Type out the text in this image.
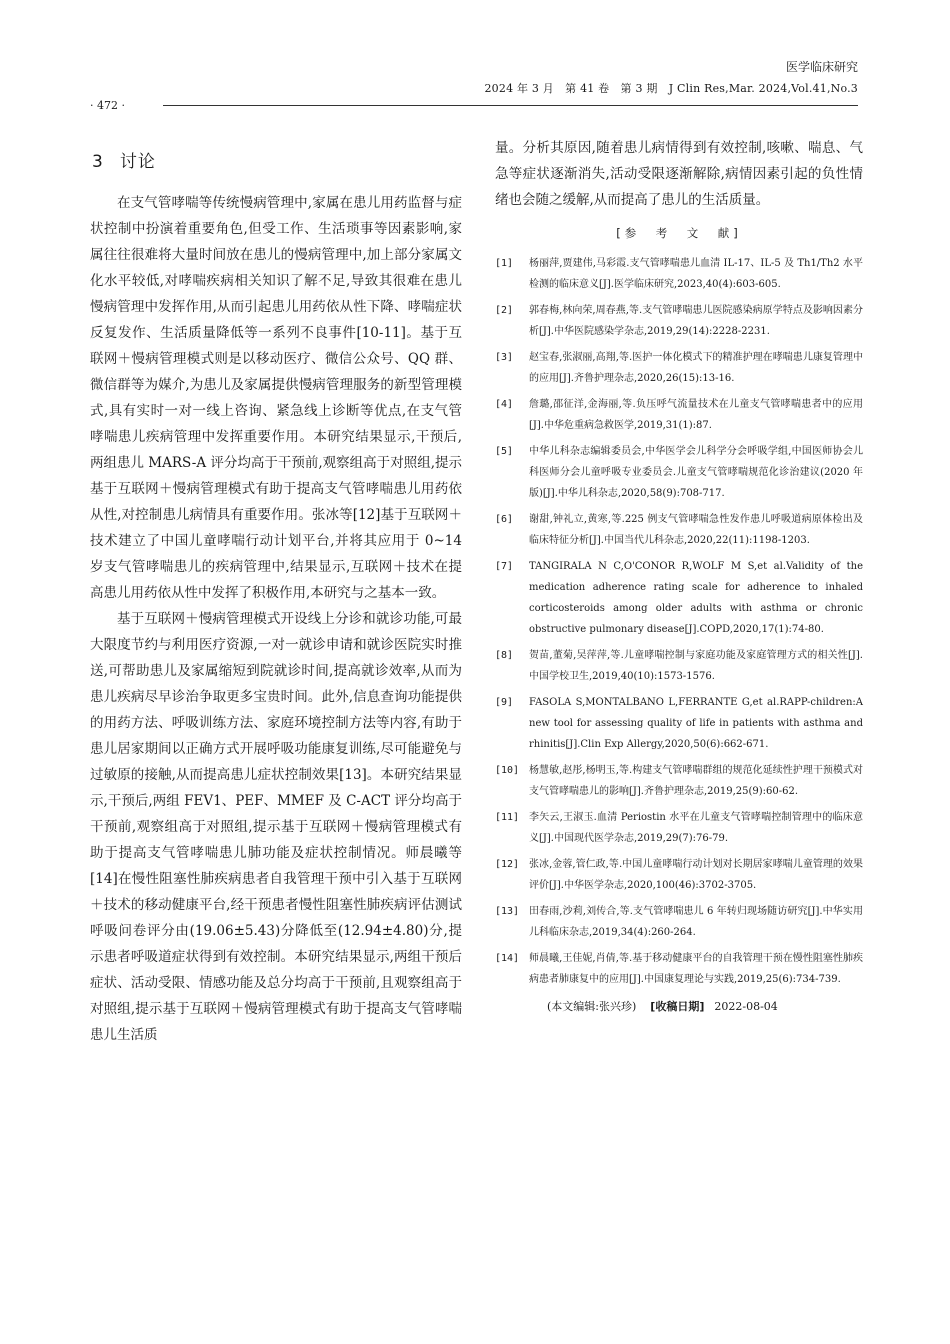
医学临床研究
2024 年 3 月　第 41 卷　第 3 期　J Clin Res,Mar. 2024,Vol.41,No.3
· 472 ·
3 讨论

在支气管哮喘等传统慢病管理中,家属在患儿用药监督与症状控制中扮演着重要角色,但受工作、生活琐事等因素影响,家属往往很难将大量时间放在患儿的慢病管理中,加上部分家属文化水平较低,对哮喘疾病相关知识了解不足,导致其很难在患儿慢病管理中发挥作用,从而引起患儿用药依从性下降、哮喘症状反复发作、生活质量降低等一系列不良事件[10-11]。基于互联网＋慢病管理模式则是以移动医疗、微信公众号、QQ 群、微信群等为媒介,为患儿及家属提供慢病管理服务的新型管理模式,具有实时一对一线上咨询、紧急线上诊断等优点,在支气管哮喘患儿疾病管理中发挥重要作用。本研究结果显示,干预后,两组患儿 MARS-A 评分均高于干预前,观察组高于对照组,提示基于互联网＋慢病管理模式有助于提高支气管哮喘患儿用药依从性,对控制患儿病情具有重要作用。张冰等[12]基于互联网＋技术建立了中国儿童哮喘行动计划平台,并将其应用于 0~14 岁支气管哮喘患儿的疾病管理中,结果显示,互联网＋技术在提高患儿用药依从性中发挥了积极作用,本研究与之基本一致。

基于互联网＋慢病管理模式开设线上分诊和就诊功能,可最大限度节约与利用医疗资源,一对一就诊申请和就诊医院实时推送,可帮助患儿及家属缩短到院就诊时间,提高就诊效率,从而为患儿疾病尽早诊治争取更多宝贵时间。此外,信息查询功能提供的用药方法、呼吸训练方法、家庭环境控制方法等内容,有助于患儿居家期间以正确方式开展呼吸功能康复训练,尽可能避免与过敏原的接触,从而提高患儿症状控制效果[13]。本研究结果显示,干预后,两组 FEV1、PEF、MMEF 及 C-ACT 评分均高于干预前,观察组高于对照组,提示基于互联网＋慢病管理模式有助于提高支气管哮喘患儿肺功能及症状控制情况。师晨曦等[14]在慢性阻塞性肺疾病患者自我管理干预中引入基于互联网＋技术的移动健康平台,经干预患者慢性阻塞性肺疾病评估测试呼吸问卷评分由(19.06±5.43)分降低至(12.94±4.80)分,提示患者呼吸道症状得到有效控制。本研究结果显示,两组干预后症状、活动受限、情感功能及总分均高于干预前,且观察组高于对照组,提示基于互联网＋慢病管理模式有助于提高支气管哮喘患儿生活质

量。分析其原因,随着患儿病情得到有效控制,咳嗽、喘息、气急等症状逐渐消失,活动受限逐渐解除,病情因素引起的负性情绪也会随之缓解,从而提高了患儿的生活质量。

[参　考　文　献]
[1]	杨丽萍,贾建伟,马彩霞.支气管哮喘患儿血清 IL-17、IL-5 及 Th1/Th2 水平检测的临床意义[J].医学临床研究,2023,40(4):603-605.
[2]	郭春梅,林向荣,周春燕,等.支气管哮喘患儿医院感染病原学特点及影响因素分析[J].中华医院感染学杂志,2019,29(14):2228-2231.
[3]	赵宝春,张淑丽,高翔,等.医护一体化模式下的精准护理在哮喘患儿康复管理中的应用[J].齐鲁护理杂志,2020,26(15):13-16.
[4]	詹璐,邵征洋,金海丽,等.负压呼气流量技术在儿童支气管哮喘患者中的应用[J].中华危重病急救医学,2019,31(1):87.
[5]	中华儿科杂志编辑委员会,中华医学会儿科学分会呼吸学组,中国医师协会儿科医师分会儿童呼吸专业委员会.儿童支气管哮喘规范化诊治建议(2020 年版)[J].中华儿科杂志,2020,58(9):708-717.
[6]	谢甜,钟礼立,黄寒,等.225 例支气管哮喘急性发作患儿呼吸道病原体检出及临床特征分析[J].中国当代儿科杂志,2020,22(11):1198-1203.
[7]	TANGIRALA N C,O'CONOR R,WOLF M S,et al.Validity of the medication adherence rating scale for adherence to inhaled corticosteroids among older adults with asthma or chronic obstructive pulmonary disease[J].COPD,2020,17(1):74-80.
[8]	贺苗,董菊,吴萍萍,等.儿童哮喘控制与家庭功能及家庭管理方式的相关性[J].中国学校卫生,2019,40(10):1573-1576.
[9]	FASOLA S,MONTALBANO L,FERRANTE G,et al.RAPP-children:A new tool for assessing quality of life in patients with asthma and rhinitis[J].Clin Exp Allergy,2020,50(6):662-671.
[10] 杨慧敏,赵彤,杨明玉,等.构建支气管哮喘群组的规范化延续性护理干预模式对支气管哮喘患儿的影响[J].齐鲁护理杂志,2019,25(9):60-62.
[11] 李矢云,王淑玉.血清 Periostin 水平在儿童支气管哮喘控制管理中的临床意义[J].中国现代医学杂志,2019,29(7):76-79.
[12] 张冰,金蓉,管仁政,等.中国儿童哮喘行动计划对长期居家哮喘儿童管理的效果评价[J].中华医学杂志,2020,100(46):3702-3705.
[13] 田春雨,沙莉,刘传合,等.支气管哮喘患儿 6 年转归现场随访研究[J].中华实用儿科临床杂志,2019,34(4):260-264.
[14] 师晨曦,王佳妮,肖倩,等.基于移动健康平台的自我管理干预在慢性阻塞性肺疾病患者肺康复中的应用[J].中国康复理论与实践,2019,25(6):734-739.
(本文编辑:张兴珍) [收稿日期] 2022-08-04
